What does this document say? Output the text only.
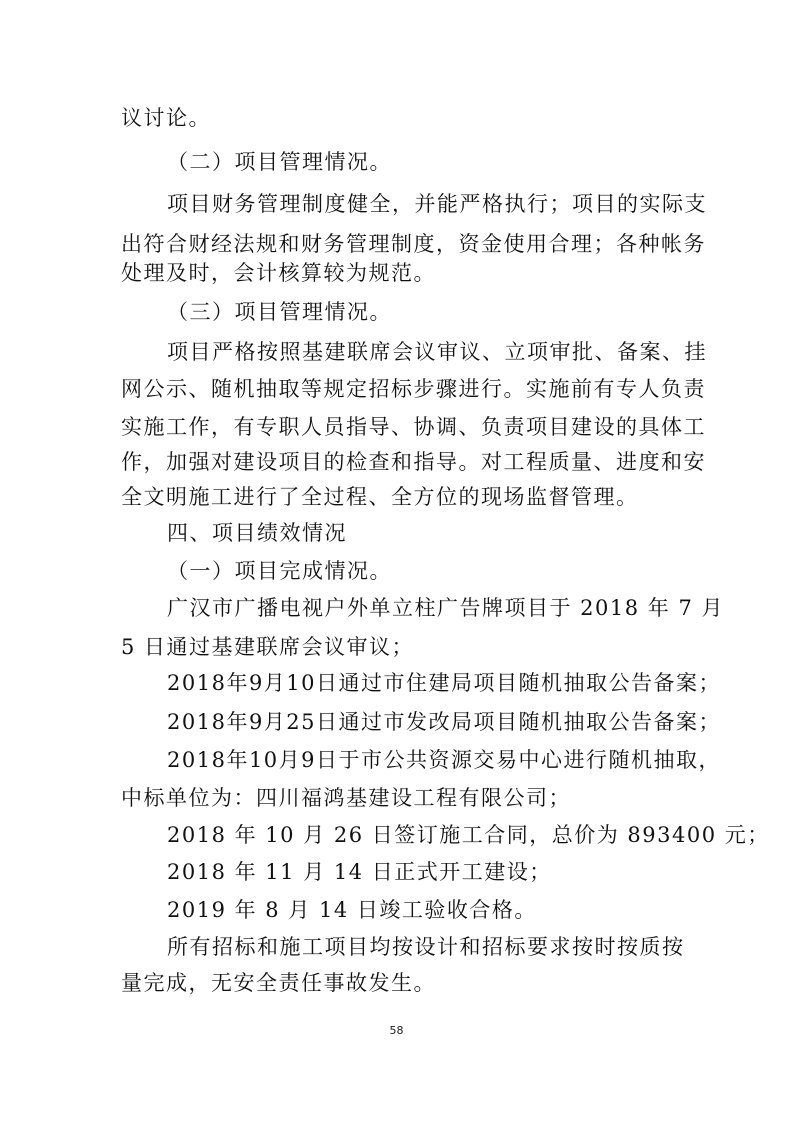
议讨论。
（二）项目管理情况。
项目财务管理制度健全，并能严格执行；项目的实际支
出符合财经法规和财务管理制度，资金使用合理；各种帐务
处理及时，会计核算较为规范。
（三）项目管理情况。
项目严格按照基建联席会议审议、立项审批、备案、挂
网公示、随机抽取等规定招标步骤进行。实施前有专人负责
实施工作，有专职人员指导、协调、负责项目建设的具体工
作，加强对建设项目的检查和指导。对工程质量、进度和安
全文明施工进行了全过程、全方位的现场监督管理。
四、项目绩效情况
（一）项目完成情况。
广汉市广播电视户外单立柱广告牌项目于 2018 年 7 月
5 日通过基建联席会议审议；
2018年9月10日通过市住建局项目随机抽取公告备案；
2018年9月25日通过市发改局项目随机抽取公告备案；
2018年10月9日于市公共资源交易中心进行随机抽取，
中标单位为：四川福鸿基建设工程有限公司；
2018 年 10 月 26 日签订施工合同，总价为 893400 元；
2018 年 11 月 14 日正式开工建设；
2019 年 8 月 14 日竣工验收合格。
所有招标和施工项目均按设计和招标要求按时按质按
量完成，无安全责任事故发生。
58
